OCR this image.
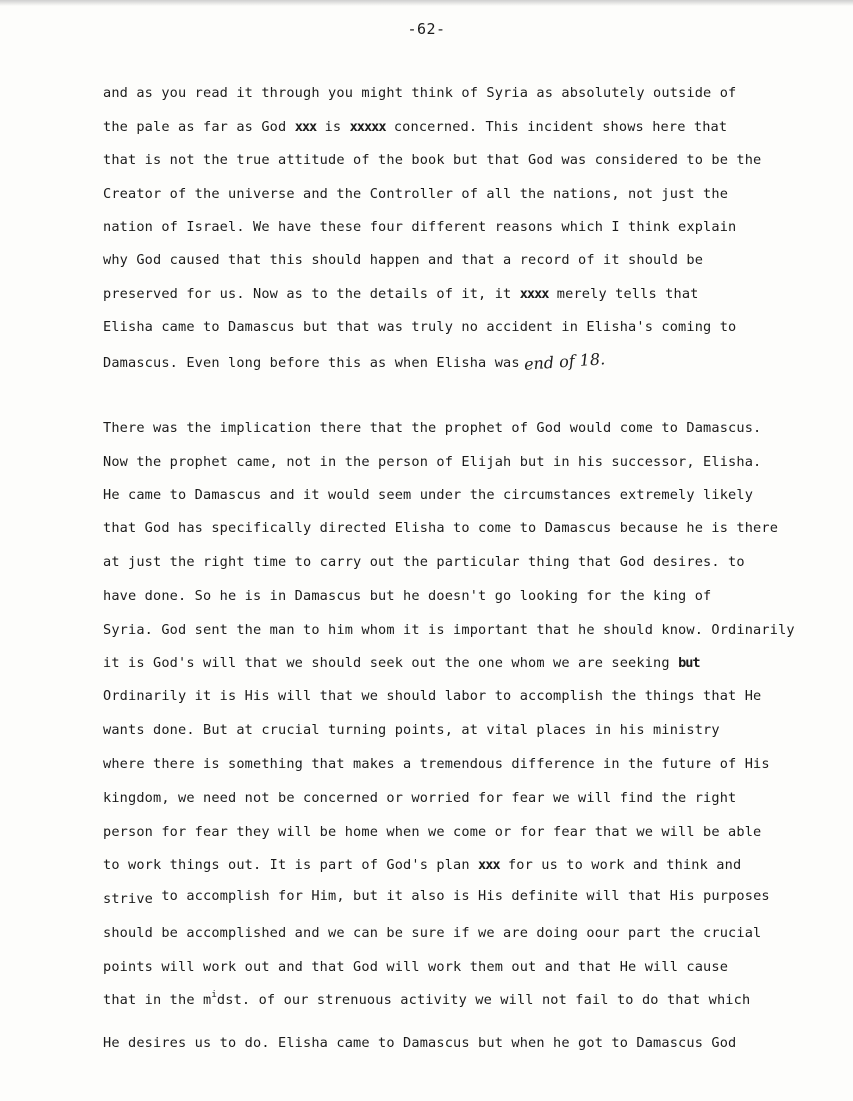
-62-
and as you read it through you might think of Syria as absolutely outside of
the pale as far as God xxx is xxxxx concerned. This incident shows here that
that is not the true attitude of the book but that God was considered to be the
Creator of the universe and the Controller of all the nations, not just the
nation of Israel. We have these four different reasons which I think explain
why God caused that this should happen and that a record of it should be
preserved for us. Now as to the details of it, it xxxx merely tells that
Elisha came to Damascus but that was truly no accident in Elisha's coming to
Damascus. Even long before this as when Elisha was end of 18.
There was the implication there that the prophet of God would come to Damascus.
Now the prophet came, not in the person of Elijah but in his successor, Elisha.
He came to Damascus and it would seem under the circumstances extremely likely
that God has specifically directed Elisha to come to Damascus because he is there
at just the right time to carry out the particular thing that God desires. to
have done. So he is in Damascus but he doesn't go looking for the king of
Syria. God sent the man to him whom it is important that he should know. Ordinarily
it is God's will that we should seek out the one whom we are seeking but
Ordinarily it is His will that we should labor to accomplish the things that He
wants done. But at crucial turning points, at vital places in his ministry
where there is something that makes a tremendous difference in the future of His
kingdom, we need not be concerned or worried for fear we will find the right
person for fear they will be home when we come or for fear that we will be able
to work things out. It is part of God's plan xxx for us to work and think and
strive to accomplish for Him, but it also is His definite will that His purposes
should be accomplished and we can be sure if we are doing oour part the crucial
points will work out and that God will work them out and that He will cause
that in the $m^idst$. of our strenuous activity we will not fail to do that which
He desires us to do. Elisha came to Damascus but when he got to Damascus God
